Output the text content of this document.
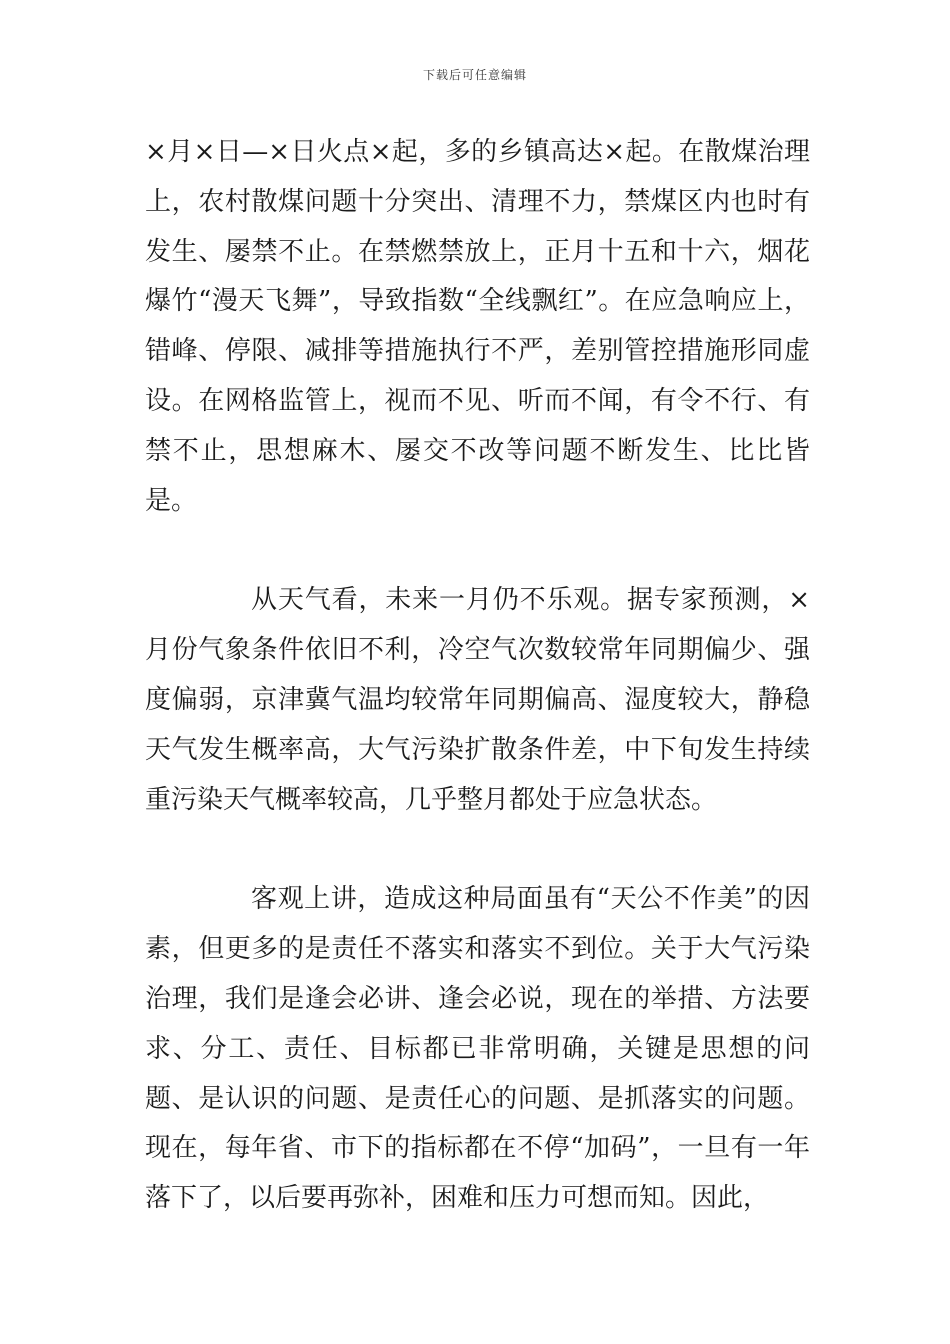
下载后可任意编辑

×月×日—×日火点×起，多的乡镇高达×起。在散煤治理上，农村散煤问题十分突出、清理不力，禁煤区内也时有发生、屡禁不止。在禁燃禁放上，正月十五和十六，烟花爆竹“漫天飞舞”，导致指数“全线飘红”。在应急响应上，错峰、停限、减排等措施执行不严，差别管控措施形同虚设。在网格监管上，视而不见、听而不闻，有令不行、有禁不止，思想麻木、屡交不改等问题不断发生、比比皆是。

从天气看，未来一月仍不乐观。据专家预测，×月份气象条件依旧不利，冷空气次数较常年同期偏少、强度偏弱，京津冀气温均较常年同期偏高、湿度较大，静稳天气发生概率高，大气污染扩散条件差，中下旬发生持续重污染天气概率较高，几乎整月都处于应急状态。

客观上讲，造成这种局面虽有“天公不作美”的因素，但更多的是责任不落实和落实不到位。关于大气污染治理，我们是逢会必讲、逢会必说，现在的举措、方法要求、分工、责任、目标都已非常明确，关键是思想的问题、是认识的问题、是责任心的问题、是抓落实的问题。现在，每年省、市下的指标都在不停“加码”，一旦有一年落下了，以后要再弥补，困难和压力可想而知。因此，
